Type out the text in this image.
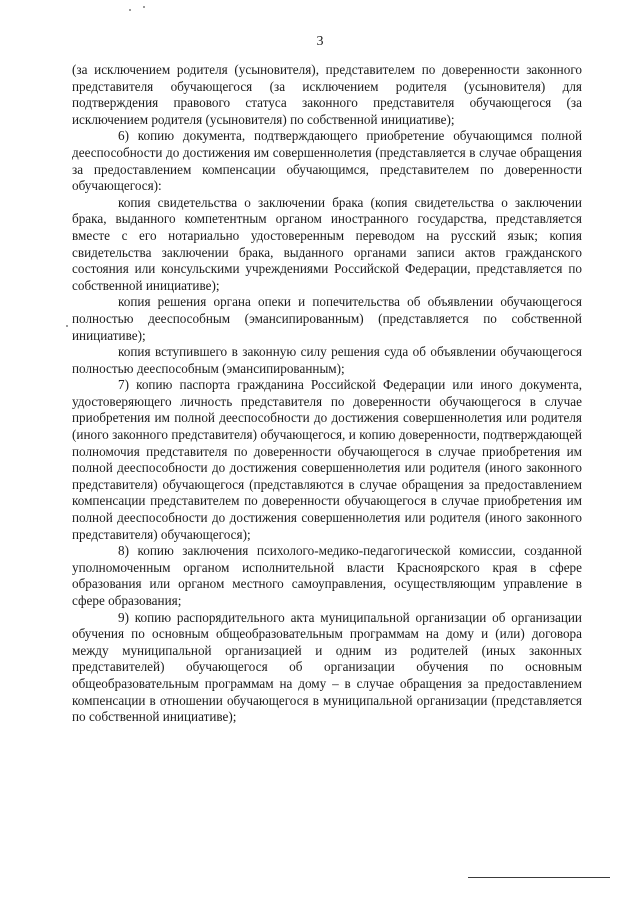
3

(за исключением родителя (усыновителя), представителем по доверенности законного представителя обучающегося (за исключением родителя (усыновителя) для подтверждения правового статуса законного представителя обучающегося (за исключением родителя (усыновителя) по собственной инициативе);

6) копию документа, подтверждающего приобретение обучающимся полной дееспособности до достижения им совершеннолетия (представляется в случае обращения за предоставлением компенсации обучающимся, представителем по доверенности обучающегося):

копия свидетельства о заключении брака (копия свидетельства о заключении брака, выданного компетентным органом иностранного государства, представляется вместе с его нотариально удостоверенным переводом на русский язык; копия свидетельства заключении брака, выданного органами записи актов гражданского состояния или консульскими учреждениями Российской Федерации, представляется по собственной инициативе);

копия решения органа опеки и попечительства об объявлении обучающегося полностью дееспособным (эмансипированным) (представляется по собственной инициативе);

копия вступившего в законную силу решения суда об объявлении обучающегося полностью дееспособным (эмансипированным);

7) копию паспорта гражданина Российской Федерации или иного документа, удостоверяющего личность представителя по доверенности обучающегося в случае приобретения им полной дееспособности до достижения совершеннолетия или родителя (иного законного представителя) обучающегося, и копию доверенности, подтверждающей полномочия представителя по доверенности обучающегося в случае приобретения им полной дееспособности до достижения совершеннолетия или родителя (иного законного представителя) обучающегося (представляются в случае обращения за предоставлением компенсации представителем по доверенности обучающегося в случае приобретения им полной дееспособности до достижения совершеннолетия или родителя (иного законного представителя) обучающегося);

8) копию заключения психолого-медико-педагогической комиссии, созданной уполномоченным органом исполнительной власти Красноярского края в сфере образования или органом местного самоуправления, осуществляющим управление в сфере образования;

9) копию распорядительного акта муниципальной организации об организации обучения по основным общеобразовательным программам на дому и (или) договора между муниципальной организацией и одним из родителей (иных законных представителей) обучающегося об организации обучения по основным общеобразовательным программам на дому – в случае обращения за предоставлением компенсации в отношении обучающегося в муниципальной организации (представляется по собственной инициативе);
